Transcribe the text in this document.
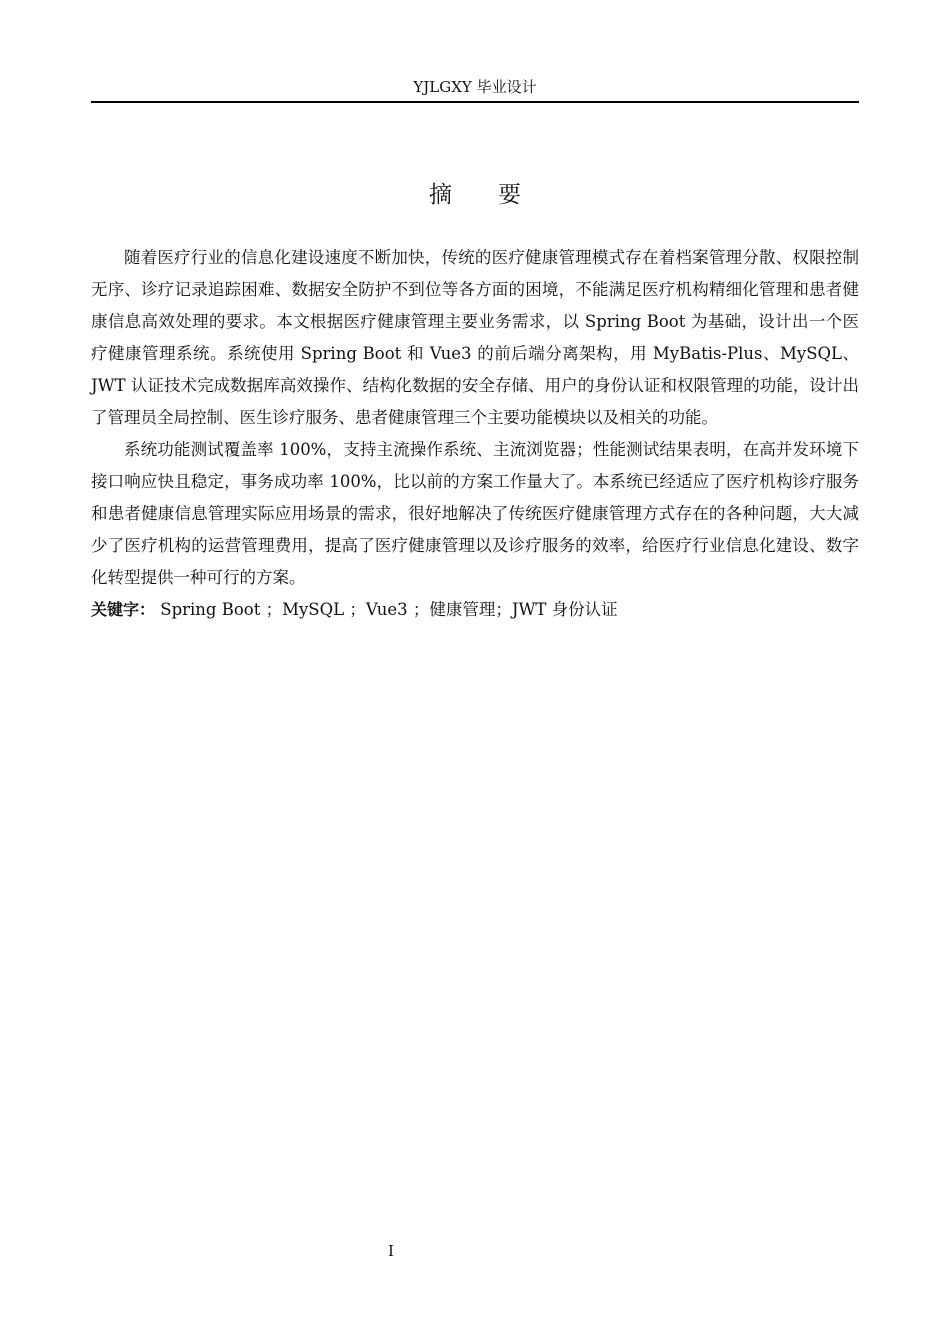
YJLGXY 毕业设计
摘要

随着医疗行业的信息化建设速度不断加快，传统的医疗健康管理模式存在着档案管理分散、权限控制无序、诊疗记录追踪困难、数据安全防护不到位等各方面的困境，不能满足医疗机构精细化管理和患者健康信息高效处理的要求。本文根据医疗健康管理主要业务需求，以 Spring Boot 为基础，设计出一个医疗健康管理系统。系统使用 Spring Boot 和 Vue3 的前后端分离架构，用 MyBatis-Plus、MySQL、JWT 认证技术完成数据库高效操作、结构化数据的安全存储、用户的身份认证和权限管理的功能，设计出了管理员全局控制、医生诊疗服务、患者健康管理三个主要功能模块以及相关的功能。

系统功能测试覆盖率 100%，支持主流操作系统、主流浏览器；性能测试结果表明，在高并发环境下接口响应快且稳定，事务成功率 100%，比以前的方案工作量大了。本系统已经适应了医疗机构诊疗服务和患者健康信息管理实际应用场景的需求，很好地解决了传统医疗健康管理方式存在的各种问题，大大减少了医疗机构的运营管理费用，提高了医疗健康管理以及诊疗服务的效率，给医疗行业信息化建设、数字化转型提供一种可行的方案。

关键字： Spring Boot ；MySQL ；Vue3 ；健康管理；JWT 身份认证
I
